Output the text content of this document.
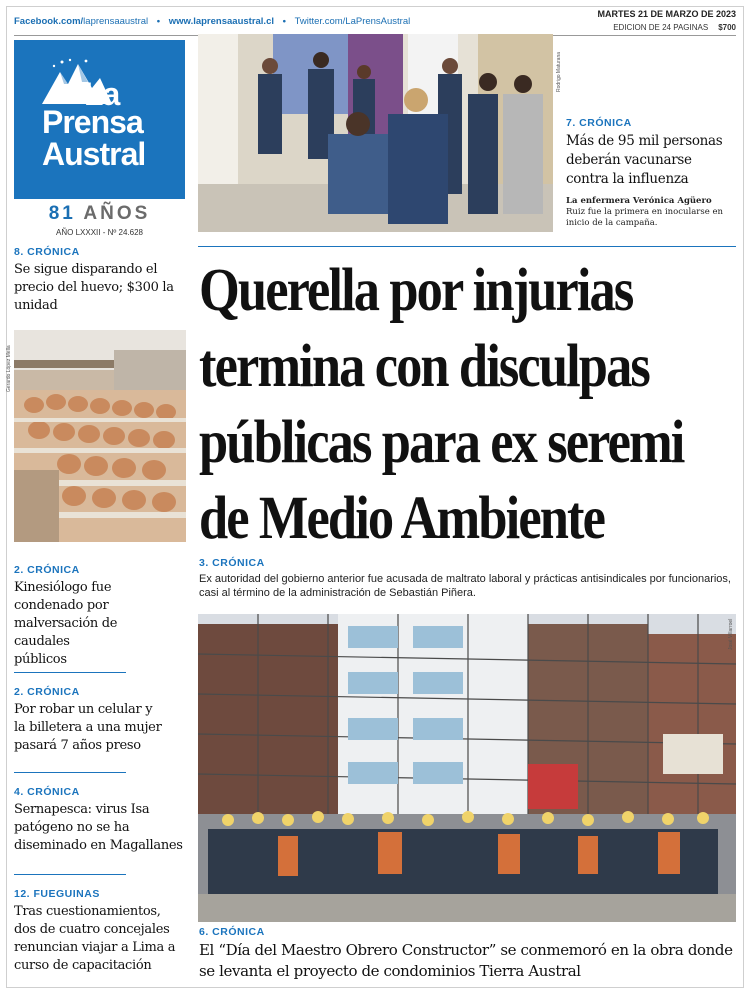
Facebook.com/laprensaaustral • www.laprensaaustral.cl • Twitter.com/LaPrensAustral
MARTES 21 DE MARZO DE 2023
EDICION DE 24 PAGINAS $700
La
Prensa
Austral
81 AÑOS
AÑO LXXXII - Nº 24.628
8. CRÓNICA
Se sigue disparando el precio del huevo; $300 la unidad
Gerardo López Mella
2. CRÓNICA
Kinesiólogo fue condenado por malversación de caudales públicos
2. CRÓNICA
Por robar un celular y la billetera a una mujer pasará 7 años preso
4. CRÓNICA
Sernapesca: virus Isa patógeno no se ha diseminado en Magallanes
12. FUEGUINAS
Tras cuestionamientos, dos de cuatro concejales renuncian viajar a Lima a curso de capacitación
Rodrigo Maturana
7. CRÓNICA
Más de 95 mil personas deberán vacunarse contra la influenza
La enfermera Verónica Agüero
Ruiz fue la primera en inocularse en inicio de la campaña.
Querella por injurias
termina con disculpas
públicas para ex seremi
de Medio Ambiente
3. CRÓNICA
Ex autoridad del gobierno anterior fue acusada de maltrato laboral y prácticas antisindicales por funcionarios, casi al término de la administración de Sebastián Piñera.
José Villarroel
6. CRÓNICA
El “Día del Maestro Obrero Constructor” se conmemoró en la obra donde se levanta el proyecto de condominios Tierra Austral
